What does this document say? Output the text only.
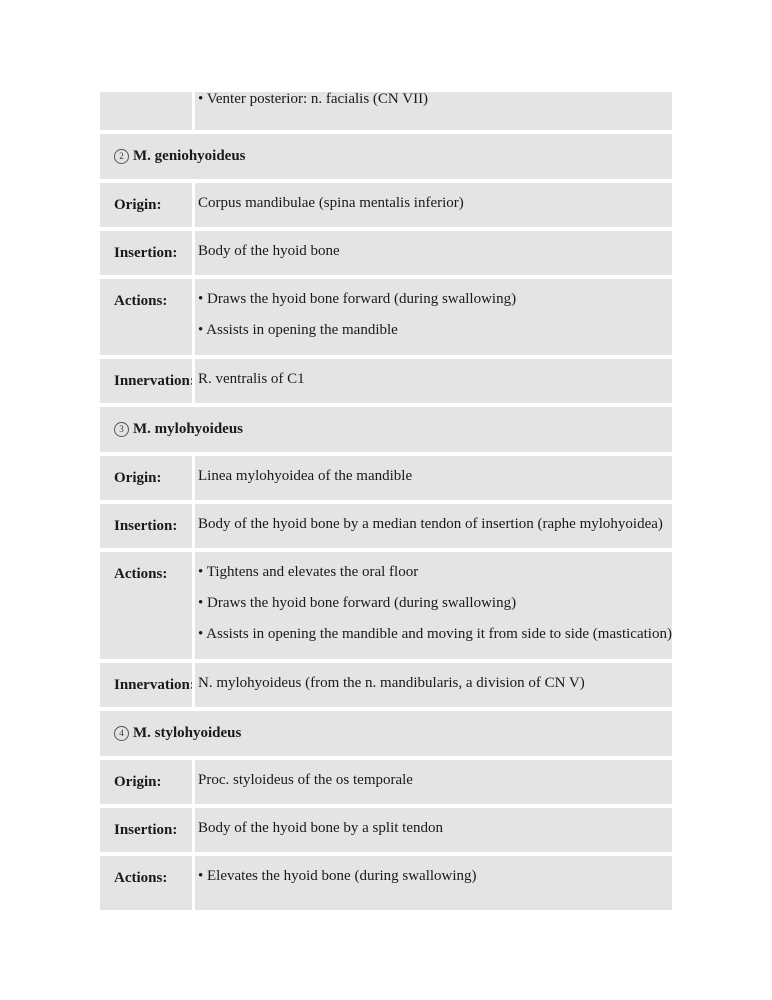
• Venter posterior: n. facialis (CN VII)

2 M. geniohyoideus
Origin:	Corpus mandibulae (spina mentalis inferior)

Insertion:	Body of the hyoid bone

Actions:	• Draws the hyoid bone forward (during swallowing)

• Assists in opening the mandible

Innervation: R. ventralis of C1

3 M. mylohyoideus
Origin:	Linea mylohyoidea of the mandible

Insertion:	Body of the hyoid bone by a median tendon of insertion (raphe mylohyoidea)

Actions:	• Tightens and elevates the oral floor

• Draws the hyoid bone forward (during swallowing)

• Assists in opening the mandible and moving it from side to side (mastication)

Innervation: N. mylohyoideus (from the n. mandibularis, a division of CN V)

4 M. stylohyoideus
Origin:	Proc. styloideus of the os temporale

Insertion:	Body of the hyoid bone by a split tendon

Actions:	• Elevates the hyoid bone (during swallowing)
